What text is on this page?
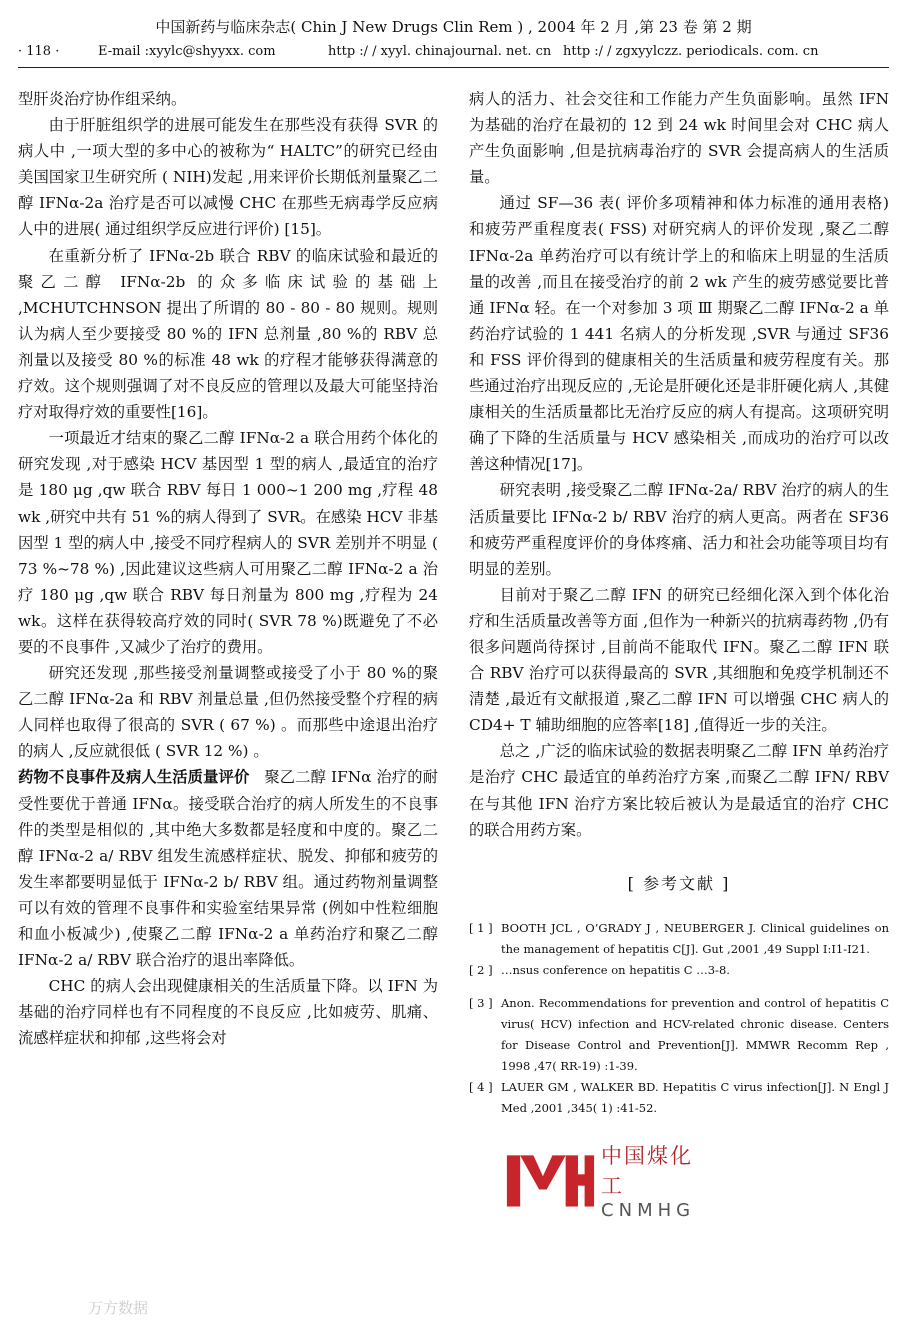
中国新药与临床杂志( Chin J New Drugs Clin Rem ) , 2004 年 2 月 ,第 23 卷 第 2 期
· 118 ·	E-mail :xyylc@shyyxx. com	http :/ / xyyl. chinajournal. net. cn http :/ / zgxyylczz. periodicals. com. cn

型肝炎治疗协作组采纳。

由于肝脏组织学的进展可能发生在那些没有获得 SVR 的病人中 ,一项大型的多中心的被称为“ HALTC”的研究已经由美国国家卫生研究所 ( NIH)发起 ,用来评价长期低剂量聚乙二醇 IFNα-2a 治疗是否可以减慢 CHC 在那些无病毒学反应病人中的进展( 通过组织学反应进行评价) [15]。

在重新分析了 IFNα-2b 联合 RBV 的临床试验和最近的聚乙二醇 IFNα-2b 的众多临床试验的基础上 ,MCHUTCHNSON 提出了所谓的 80 - 80 - 80 规则。规则认为病人至少要接受 80 %的 IFN 总剂量 ,80 %的 RBV 总剂量以及接受 80 %的标准 48 wk 的疗程才能够获得满意的疗效。这个规则强调了对不良反应的管理以及最大可能坚持治疗对取得疗效的重要性[16]。

一项最近才结束的聚乙二醇 IFNα-2 a 联合用药个体化的研究发现 ,对于感染 HCV 基因型 1 型的病人 ,最适宜的治疗是 180 μg ,qw 联合 RBV 每日 1 000~1 200 mg ,疗程 48 wk ,研究中共有 51 %的病人得到了 SVR。在感染 HCV 非基因型 1 型的病人中 ,接受不同疗程病人的 SVR 差别并不明显 ( 73 %~78 %) ,因此建议这些病人可用聚乙二醇 IFNα-2 a 治疗 180 μg ,qw 联合 RBV 每日剂量为 800 mg ,疗程为 24 wk。这样在获得较高疗效的同时( SVR 78 %)既避免了不必要的不良事件 ,又减少了治疗的费用。

研究还发现 ,那些接受剂量调整或接受了小于 80 %的聚乙二醇 IFNα-2a 和 RBV 剂量总量 ,但仍然接受整个疗程的病人同样也取得了很高的 SVR ( 67 %) 。而那些中途退出治疗的病人 ,反应就很低 ( SVR 12 %) 。

药物不良事件及病人生活质量评价 聚乙二醇 IFNα 治疗的耐受性要优于普通 IFNα。接受联合治疗的病人所发生的不良事件的类型是相似的 ,其中绝大多数都是轻度和中度的。聚乙二醇 IFNα-2 a/ RBV 组发生流感样症状、脱发、抑郁和疲劳的发生率都要明显低于 IFNα-2 b/ RBV 组。通过药物剂量调整可以有效的管理不良事件和实验室结果异常 (例如中性粒细胞和血小板减少) ,使聚乙二醇 IFNα-2 a 单药治疗和聚乙二醇 IFNα-2 a/ RBV 联合治疗的退出率降低。

CHC 的病人会出现健康相关的生活质量下降。以 IFN 为基础的治疗同样也有不同程度的不良反应 ,比如疲劳、肌痛、流感样症状和抑郁 ,这些将会对

病人的活力、社会交往和工作能力产生负面影响。虽然 IFN 为基础的治疗在最初的 12 到 24 wk 时间里会对 CHC 病人产生负面影响 ,但是抗病毒治疗的 SVR 会提高病人的生活质量。

通过 SF—36 表( 评价多项精神和体力标准的通用表格) 和疲劳严重程度表( FSS) 对研究病人的评价发现 ,聚乙二醇 IFNα-2a 单药治疗可以有统计学上的和临床上明显的生活质量的改善 ,而且在接受治疗的前 2 wk 产生的疲劳感觉要比普通 IFNα 轻。在一个对参加 3 项 Ⅲ 期聚乙二醇 IFNα-2 a 单药治疗试验的 1 441 名病人的分析发现 ,SVR 与通过 SF36 和 FSS 评价得到的健康相关的生活质量和疲劳程度有关。那些通过治疗出现反应的 ,无论是肝硬化还是非肝硬化病人 ,其健康相关的生活质量都比无治疗反应的病人有提高。这项研究明确了下降的生活质量与 HCV 感染相关 ,而成功的治疗可以改善这种情况[17]。

研究表明 ,接受聚乙二醇 IFNα-2a/ RBV 治疗的病人的生活质量要比 IFNα-2 b/ RBV 治疗的病人更高。两者在 SF36 和疲劳严重程度评价的身体疼痛、活力和社会功能等项目均有明显的差别。

目前对于聚乙二醇 IFN 的研究已经细化深入到个体化治疗和生活质量改善等方面 ,但作为一种新兴的抗病毒药物 ,仍有很多问题尚待探讨 ,目前尚不能取代 IFN。聚乙二醇 IFN 联合 RBV 治疗可以获得最高的 SVR ,其细胞和免疫学机制还不清楚 ,最近有文献报道 ,聚乙二醇 IFN 可以增强 CHC 病人的 CD4+ T 辅助细胞的应答率[18] ,值得近一步的关注。

总之 ,广泛的临床试验的数据表明聚乙二醇 IFN 单药治疗是治疗 CHC 最适宜的单药治疗方案 ,而聚乙二醇 IFN/ RBV 在与其他 IFN 治疗方案比较后被认为是最适宜的治疗 CHC 的联合用药方案。

[ 参考文献 ]
[ 1 ] BOOTH JCL , O’GRADY J , NEUBERGER J. Clinical guidelines on the management of hepatitis C[J]. Gut ,2001 ,49 Suppl Ⅰ:Ⅰ1-Ⅰ21.
[ 2 ] …nsus conference on hepatitis C …3-8.
[ 3 ] Anon. Recommendations for prevention and control of hepatitis C virus( HCV) infection and HCV-related chronic disease. Centers for Disease Control and Prevention[J]. MMWR Recomm Rep , 1998 ,47( RR-19) :1-39.
[ 4 ] LAUER GM , WALKER BD. Hepatitis C virus infection[J]. N Engl J Med ,2001 ,345( 1) :41-52.
中国煤化工
CNMHG
万方数据
